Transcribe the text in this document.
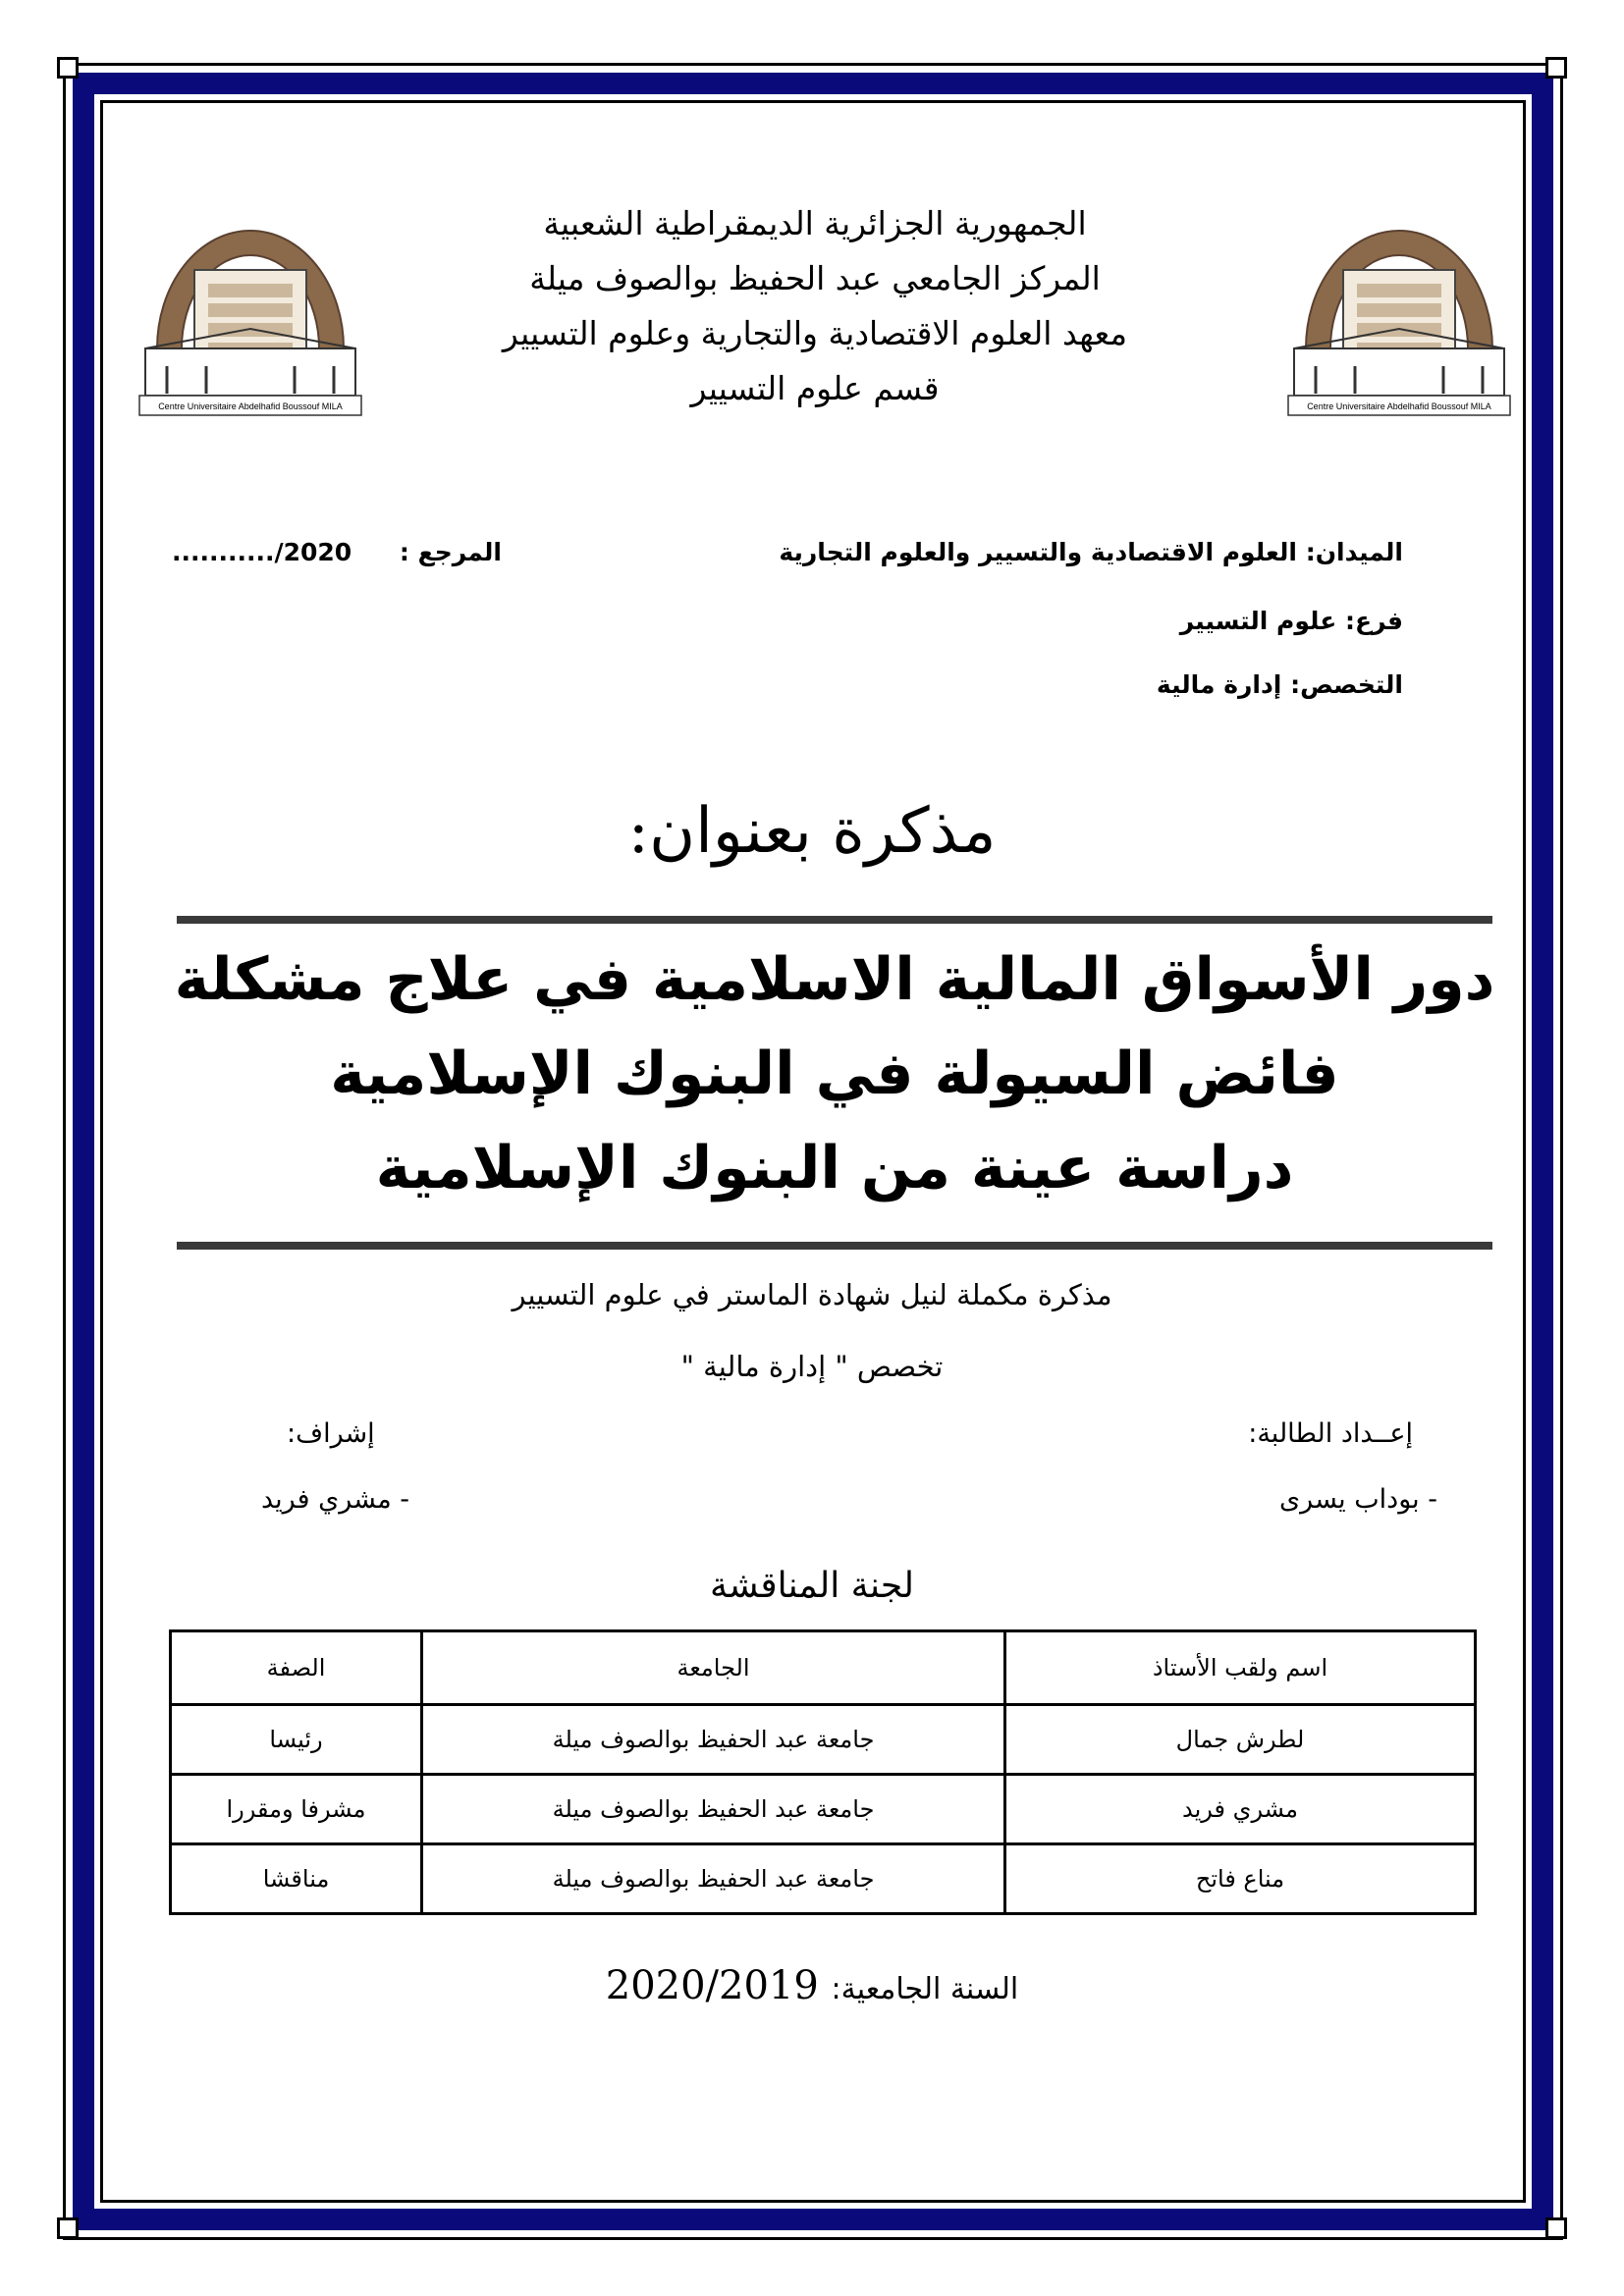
Centre Universitaire Abdelhafid Boussouf MILA	Centre Universitaire Abdelhafid Boussouf MILA
الجمهورية الجزائرية الديمقراطية الشعبية
المركز الجامعي عبد الحفيظ بوالصوف ميلة
معهد العلوم الاقتصادية والتجارية وعلوم التسيير
قسم علوم التسيير
الميدان: العلوم الاقتصادية والتسيير والعلوم التجارية
المرجع : 2020/...........
فرع: علوم التسيير
التخصص: إدارة مالية
مذكرة بعنوان:
دور الأسواق المالية الاسلامية في علاج مشكلة
فائض السيولة في البنوك الإسلامية
دراسة عينة من البنوك الإسلامية
مذكرة مكملة لنيل شهادة الماستر في علوم التسيير
تخصص " إدارة مالية "
إعــداد الطالبة:
- بوداب يسرى
إشراف:
- مشري فريد
لجنة المناقشة
اسم ولقب الأستاذ	الجامعة	الصفة
لطرش جمال	جامعة عبد الحفيظ بوالصوف ميلة	رئيسا
مشري فريد	جامعة عبد الحفيظ بوالصوف ميلة	مشرفا ومقررا
مناع فاتح	جامعة عبد الحفيظ بوالصوف ميلة	مناقشا
السنة الجامعية: 2020/2019
